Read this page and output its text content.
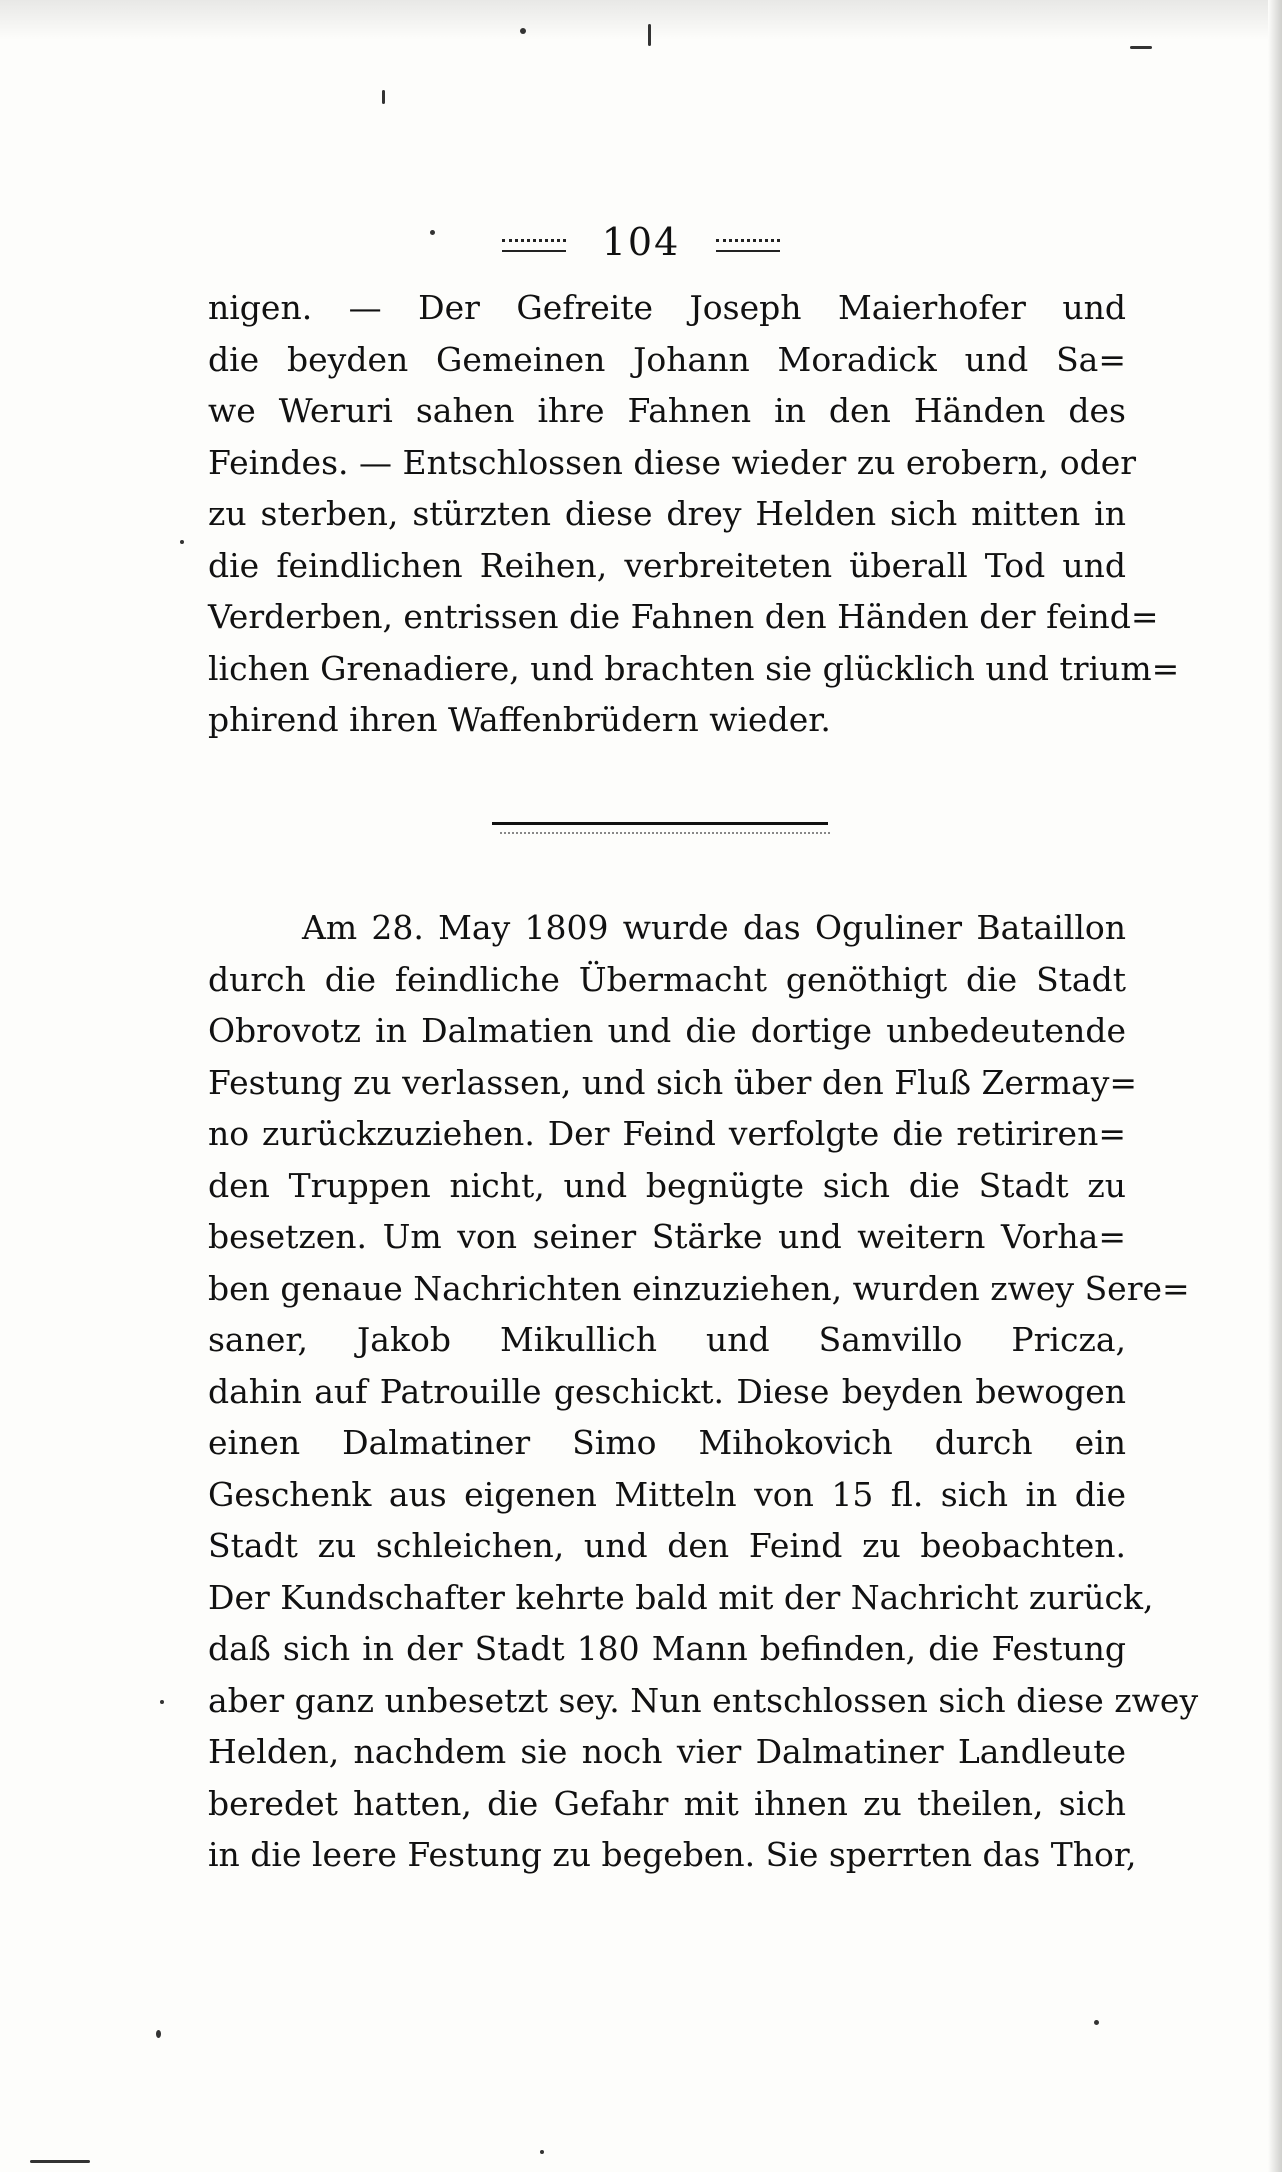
104
nigen. — Der Gefreite Joseph Maierhofer und
die beyden Gemeinen Johann Moradick und Sa=
we Weruri sahen ihre Fahnen in den Händen des
Feindes. — Entschlossen diese wieder zu erobern, oder
zu sterben, stürzten diese drey Helden sich mitten in
die feindlichen Reihen, verbreiteten überall Tod und
Verderben, entrissen die Fahnen den Händen der feind=
lichen Grenadiere, und brachten sie glücklich und trium=
phirend ihren Waffenbrüdern wieder.
Am 28. May 1809 wurde das Oguliner Bataillon
durch die feindliche Übermacht genöthigt die Stadt
Obrovotz in Dalmatien und die dortige unbedeutende
Festung zu verlassen, und sich über den Fluß Zermay=
no zurückzuziehen. Der Feind verfolgte die retiriren=
den Truppen nicht, und begnügte sich die Stadt zu
besetzen. Um von seiner Stärke und weitern Vorha=
ben genaue Nachrichten einzuziehen, wurden zwey Sere=
saner, Jakob Mikullich und Samvillo Pricza,
dahin auf Patrouille geschickt. Diese beyden bewogen
einen Dalmatiner Simo Mihokovich durch ein
Geschenk aus eigenen Mitteln von 15 fl. sich in die
Stadt zu schleichen, und den Feind zu beobachten.
Der Kundschafter kehrte bald mit der Nachricht zurück,
daß sich in der Stadt 180 Mann befinden, die Festung
aber ganz unbesetzt sey. Nun entschlossen sich diese zwey
Helden, nachdem sie noch vier Dalmatiner Landleute
beredet hatten, die Gefahr mit ihnen zu theilen, sich
in die leere Festung zu begeben. Sie sperrten das Thor,
